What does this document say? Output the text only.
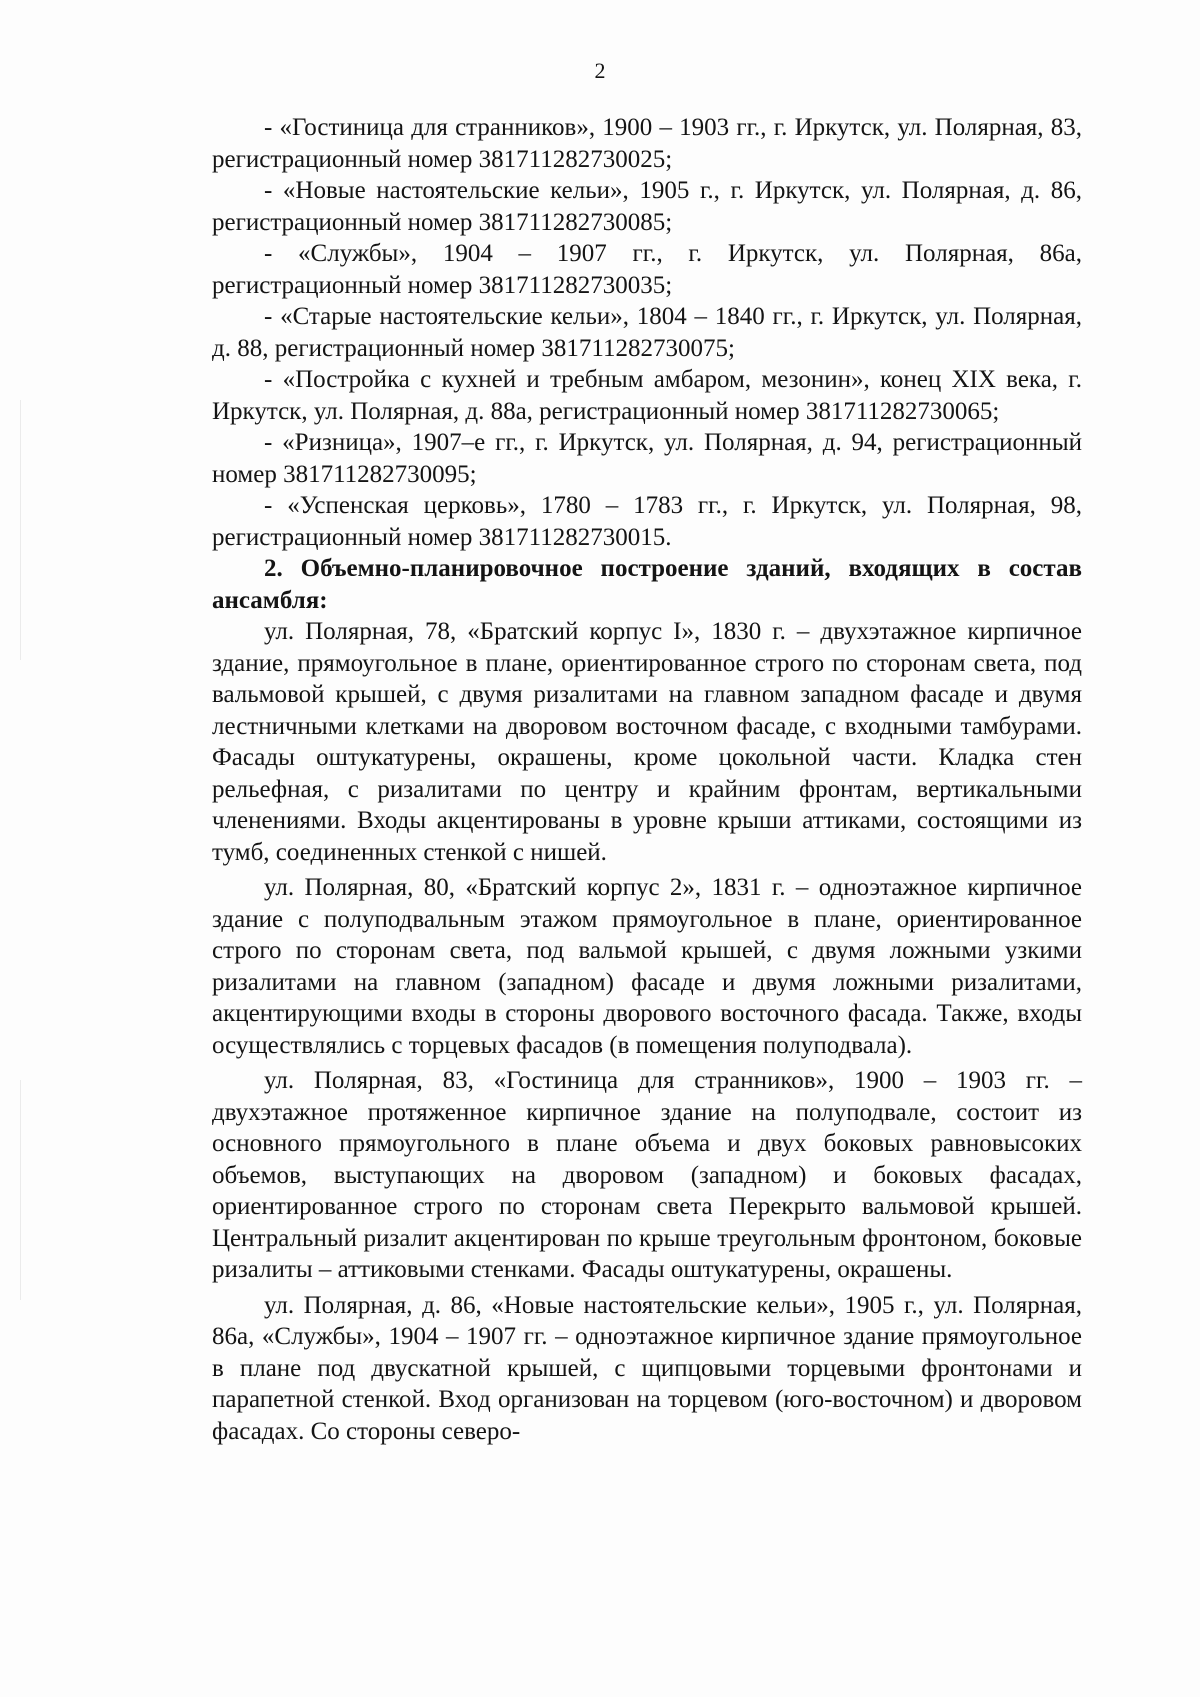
2

- «Гостиница для странников», 1900 – 1903 гг., г. Иркутск, ул. Полярная, 83, регистрационный номер 381711282730025;

- «Новые настоятельские кельи», 1905 г., г. Иркутск, ул. Полярная, д. 86, регистрационный номер 381711282730085;

- «Службы», 1904 – 1907 гг., г. Иркутск, ул. Полярная, 86а, регистрационный номер 381711282730035;

- «Старые настоятельские кельи», 1804 – 1840 гг., г. Иркутск, ул. Полярная, д. 88, регистрационный номер 381711282730075;

- «Постройка с кухней и требным амбаром, мезонин», конец XIX века, г. Иркутск, ул. Полярная, д. 88а, регистрационный номер 381711282730065;

- «Ризница», 1907–е гг., г. Иркутск, ул. Полярная, д. 94, регистрационный номер 381711282730095;

- «Успенская церковь», 1780 – 1783 гг., г. Иркутск, ул. Полярная, 98, регистрационный номер 381711282730015.

2. Объемно-планировочное построение зданий, входящих в состав ансамбля:

ул. Полярная, 78, «Братский корпус I», 1830 г. – двухэтажное кирпичное здание, прямоугольное в плане, ориентированное строго по сторонам света, под вальмовой крышей, с двумя ризалитами на главном западном фасаде и двумя лестничными клетками на дворовом восточном фасаде, с входными тамбурами. Фасады оштукатурены, окрашены, кроме цокольной части. Кладка стен рельефная, с ризалитами по центру и крайним фронтам, вертикальными членениями. Входы акцентированы в уровне крыши аттиками, состоящими из тумб, соединенных стенкой с нишей.

ул. Полярная, 80, «Братский корпус 2», 1831 г. – одноэтажное кирпичное здание с полуподвальным этажом прямоугольное в плане, ориентированное строго по сторонам света, под вальмой крышей, с двумя ложными узкими ризалитами на главном (западном) фасаде и двумя ложными ризалитами, акцентирующими входы в стороны дворового восточного фасада. Также, входы осуществлялись с торцевых фасадов (в помещения полуподвала).

ул. Полярная, 83, «Гостиница для странников», 1900 – 1903 гг. – двухэтажное протяженное кирпичное здание на полуподвале, состоит из основного прямоугольного в плане объема и двух боковых равновысоких объемов, выступающих на дворовом (западном) и боковых фасадах, ориентированное строго по сторонам света Перекрыто вальмовой крышей. Центральный ризалит акцентирован по крыше треугольным фронтоном, боковые ризалиты – аттиковыми стенками. Фасады оштукатурены, окрашены.

ул. Полярная, д. 86, «Новые настоятельские кельи», 1905 г., ул. Полярная, 86а, «Службы», 1904 – 1907 гг. – одноэтажное кирпичное здание прямоугольное в плане под двускатной крышей, с щипцовыми торцевыми фронтонами и парапетной стенкой. Вход организован на торцевом (юго-восточном) и дворовом фасадах. Со стороны северо-
